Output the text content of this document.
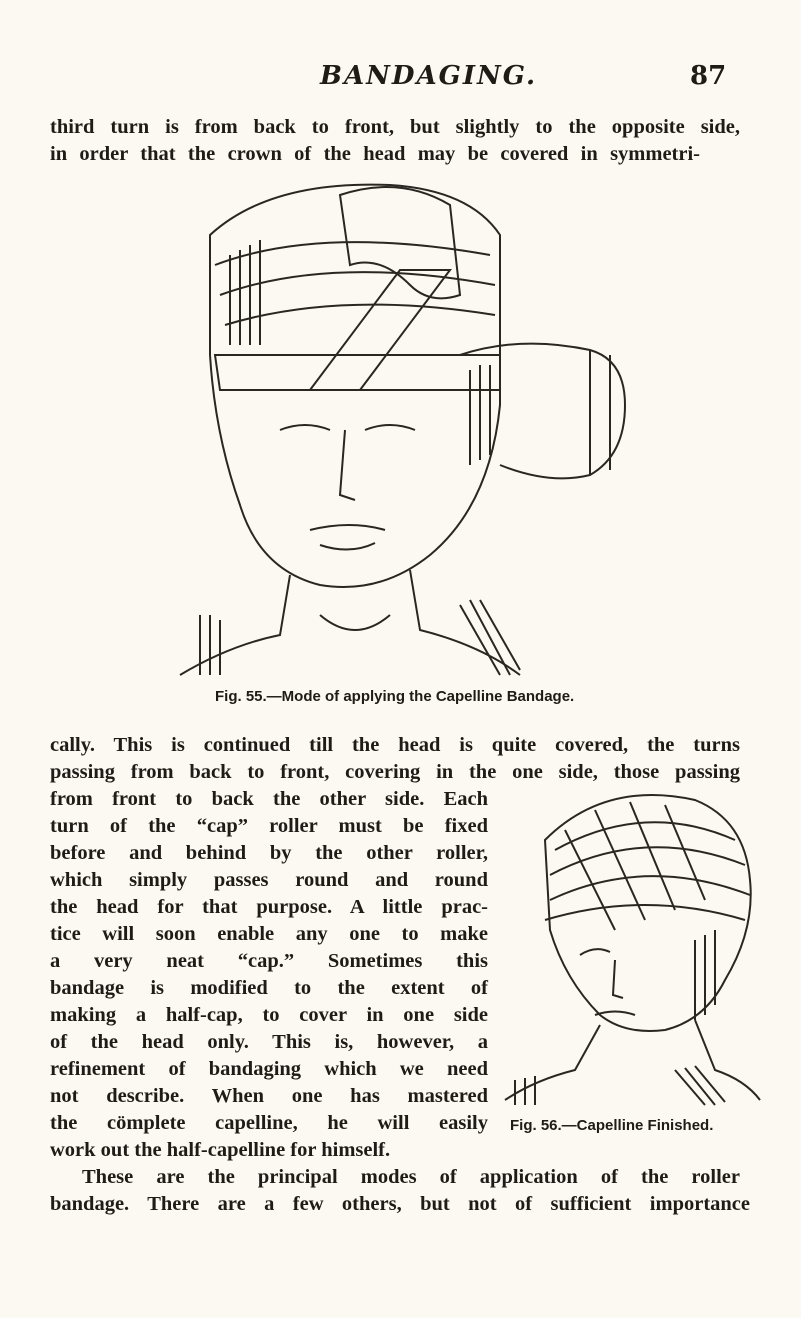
BANDAGING.	87
third turn is from back to front, but slightly to the opposite side,
in order that the crown of the head may be covered in symmetri-
Fig. 55.—Mode of applying the Capelline Bandage.
cally. This is continued till the head is quite covered, the turns
passing from back to front, covering in the one side, those passing
from front to back the other side. Each
turn of the “cap” roller must be fixed
before and behind by the other roller,
which simply passes round and round
the head for that purpose. A little prac-
tice will soon enable any one to make
a very neat “cap.” Sometimes this
bandage is modified to the extent of
making a half-cap, to cover in one side
of the head only. This is, however, a
refinement of bandaging which we need
not describe. When one has mastered
the cömplete capelline, he will easily Fig. 56.—Capelline Finished.
work out the half-capelline for himself.
These are the principal modes of application of the roller
bandage. There are a few others, but not of sufficient importance
